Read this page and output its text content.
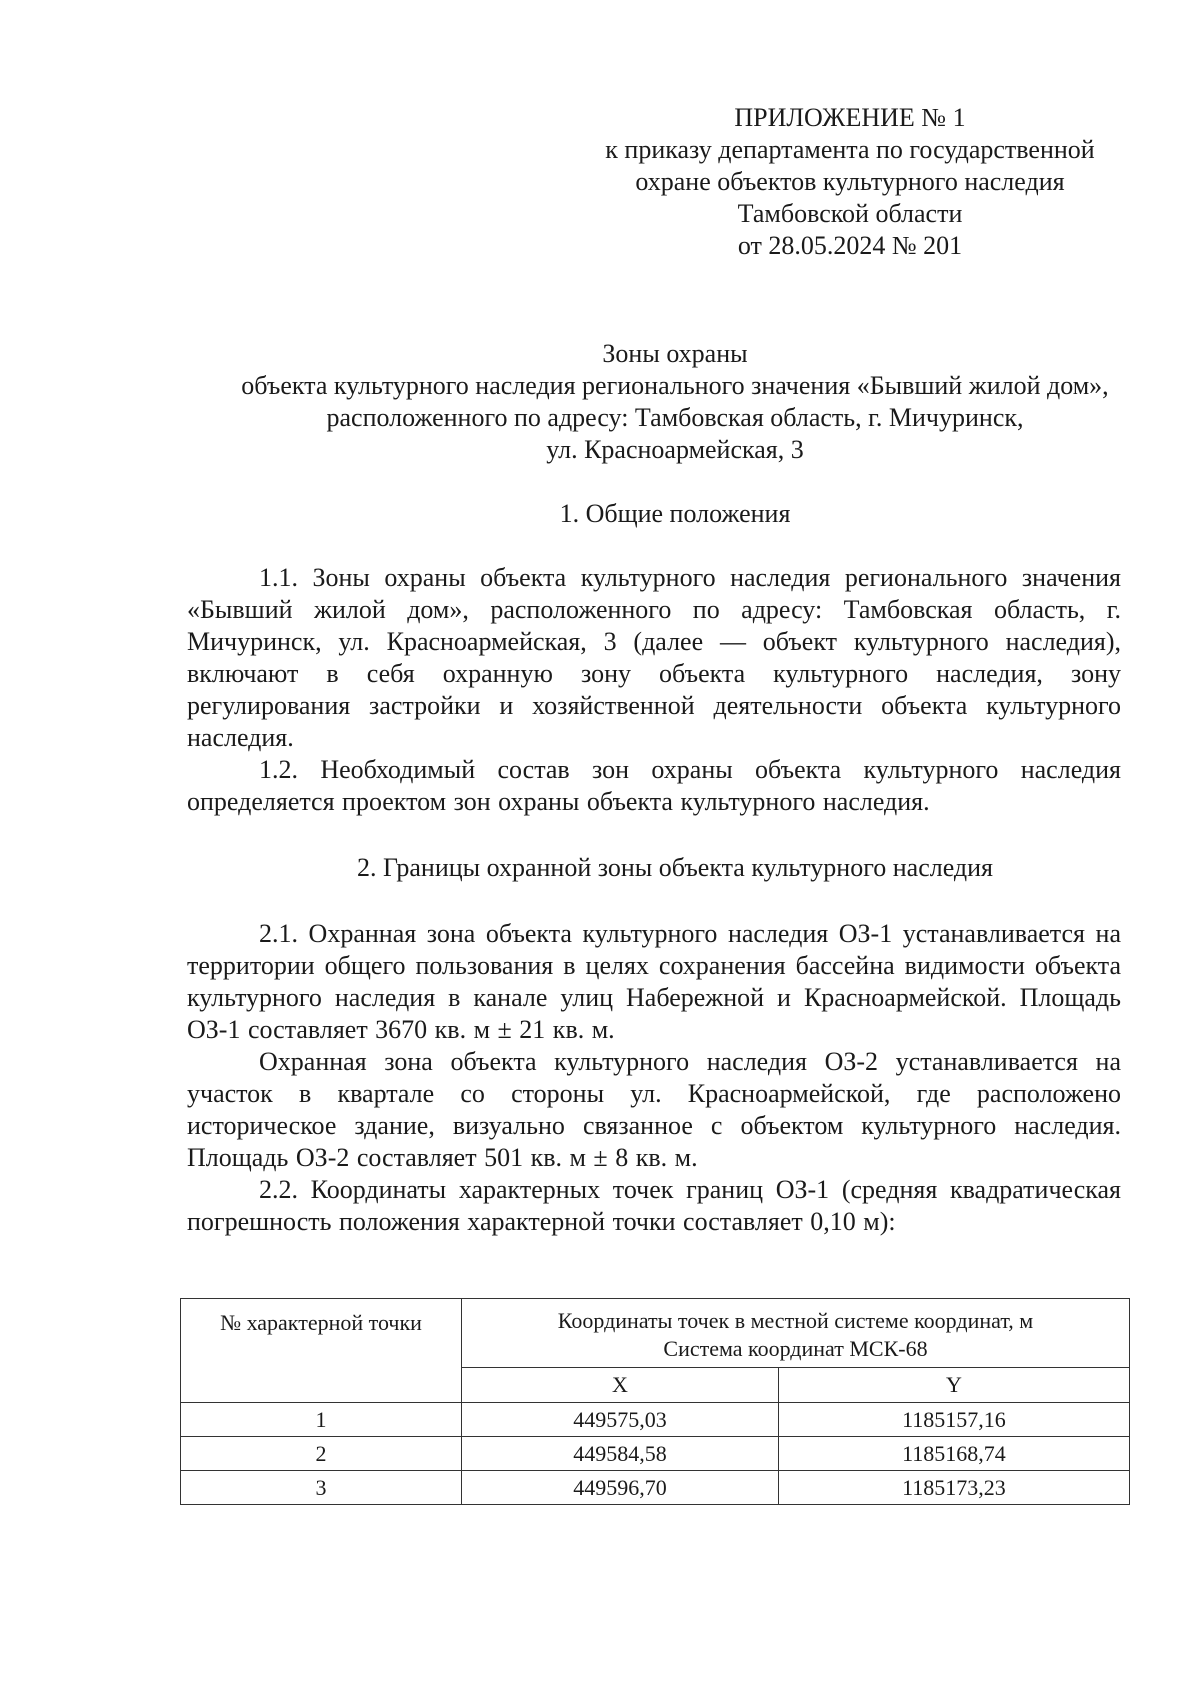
ПРИЛОЖЕНИЕ № 1
к приказу департамента по государственной
охране объектов культурного наследия
Тамбовской области
от 28.05.2024 № 201
Зоны охраны
объекта культурного наследия регионального значения «Бывший жилой дом»,
расположенного по адресу: Тамбовская область, г. Мичуринск,
ул. Красноармейская, 3
1. Общие положения
1.1. Зоны охраны объекта культурного наследия регионального значения «Бывший жилой дом», расположенного по адресу: Тамбовская область, г. Мичуринск, ул. Красноармейская, 3 (далее — объект культурного наследия), включают в себя охранную зону объекта культурного наследия, зону регулирования застройки и хозяйственной деятельности объекта культурного наследия.
1.2. Необходимый состав зон охраны объекта культурного наследия определяется проектом зон охраны объекта культурного наследия.
2. Границы охранной зоны объекта культурного наследия
2.1. Охранная зона объекта культурного наследия ОЗ-1 устанавливается на территории общего пользования в целях сохранения бассейна видимости объекта культурного наследия в канале улиц Набережной и Красноармейской. Площадь ОЗ-1 составляет 3670 кв. м ± 21 кв. м.
Охранная зона объекта культурного наследия ОЗ-2 устанавливается на участок в квартале со стороны ул. Красноармейской, где расположено историческое здание, визуально связанное с объектом культурного наследия. Площадь ОЗ-2 составляет 501 кв. м ± 8 кв. м.
2.2. Координаты характерных точек границ ОЗ-1 (средняя квадратическая погрешность положения характерной точки составляет 0,10 м):
№ характерной точки	Координаты точек в местной системе координат, м
Система координат МСК-68	

	X	Y
1	449575,03	1185157,16
2	449584,58	1185168,74
3	449596,70	1185173,23
